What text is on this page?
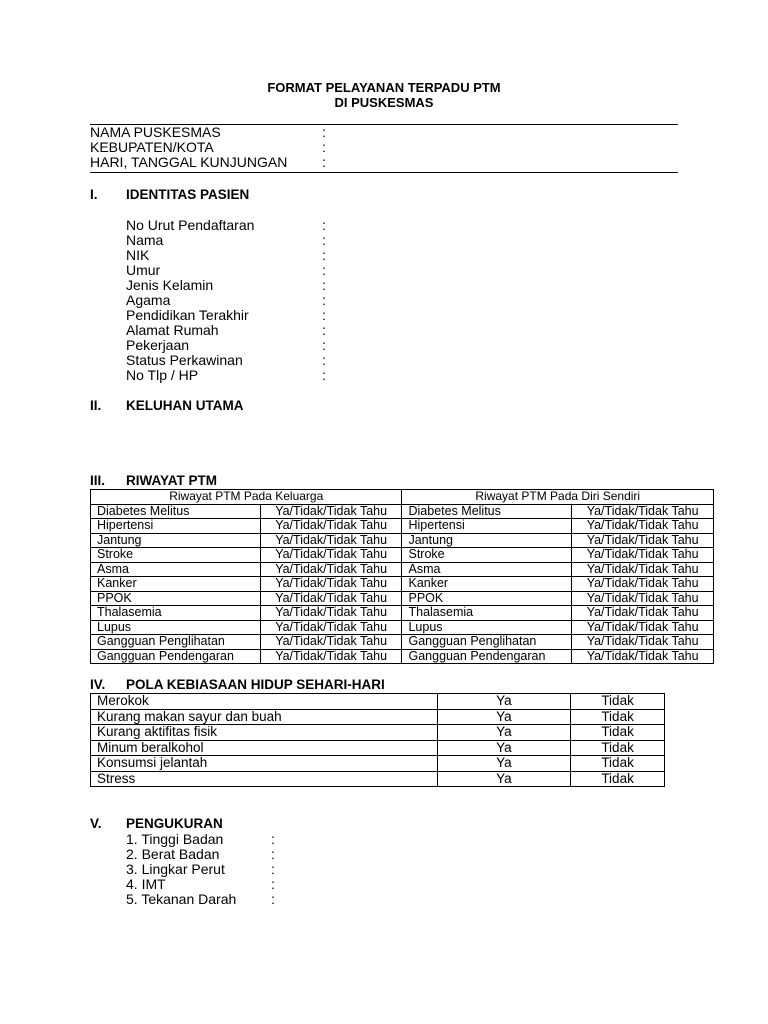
FORMAT PELAYANAN TERPADU PTM
DI PUSKESMAS
NAMA PUSKESMAS	:
KEBUPATEN/KOTA	:
HARI, TANGGAL KUNJUNGAN :
I. IDENTITAS PASIEN
No Urut Pendaftaran	:
Nama	:
NIK	:
Umur	:
Jenis Kelamin	:
Agama	:
Pendidikan Terakhir	:
Alamat Rumah	:
Pekerjaan	:
Status Perkawinan	:
No Tlp / HP	:
II. KELUHAN UTAMA
III. RIWAYAT PTM
Riwayat PTM Pada Keluarga		Riwayat PTM Pada Diri Sendiri	
Diabetes Melitus	Ya/Tidak/Tidak Tahu	Diabetes Melitus	Ya/Tidak/Tidak Tahu
Hipertensi	Ya/Tidak/Tidak Tahu	Hipertensi	Ya/Tidak/Tidak Tahu
Jantung	Ya/Tidak/Tidak Tahu	Jantung	Ya/Tidak/Tidak Tahu
Stroke	Ya/Tidak/Tidak Tahu	Stroke	Ya/Tidak/Tidak Tahu
Asma	Ya/Tidak/Tidak Tahu	Asma	Ya/Tidak/Tidak Tahu
Kanker	Ya/Tidak/Tidak Tahu	Kanker	Ya/Tidak/Tidak Tahu
PPOK	Ya/Tidak/Tidak Tahu	PPOK	Ya/Tidak/Tidak Tahu
Thalasemia	Ya/Tidak/Tidak Tahu	Thalasemia	Ya/Tidak/Tidak Tahu
Lupus	Ya/Tidak/Tidak Tahu	Lupus	Ya/Tidak/Tidak Tahu
Gangguan Penglihatan	Ya/Tidak/Tidak Tahu	Gangguan Penglihatan	Ya/Tidak/Tidak Tahu
Gangguan Pendengaran	Ya/Tidak/Tidak Tahu	Gangguan Pendengaran	Ya/Tidak/Tidak Tahu
IV. POLA KEBIASAAN HIDUP SEHARI-HARI
Merokok	Ya	Tidak
Kurang makan sayur dan buah	Ya	Tidak
Kurang aktifitas fisik	Ya	Tidak
Minum beralkohol	Ya	Tidak
Konsumsi jelantah	Ya	Tidak
Stress	Ya	Tidak
V. PENGUKURAN
1. Tinggi Badan	:
2. Berat Badan	:
3. Lingkar Perut	:
4. IMT	:
5. Tekanan Darah :
